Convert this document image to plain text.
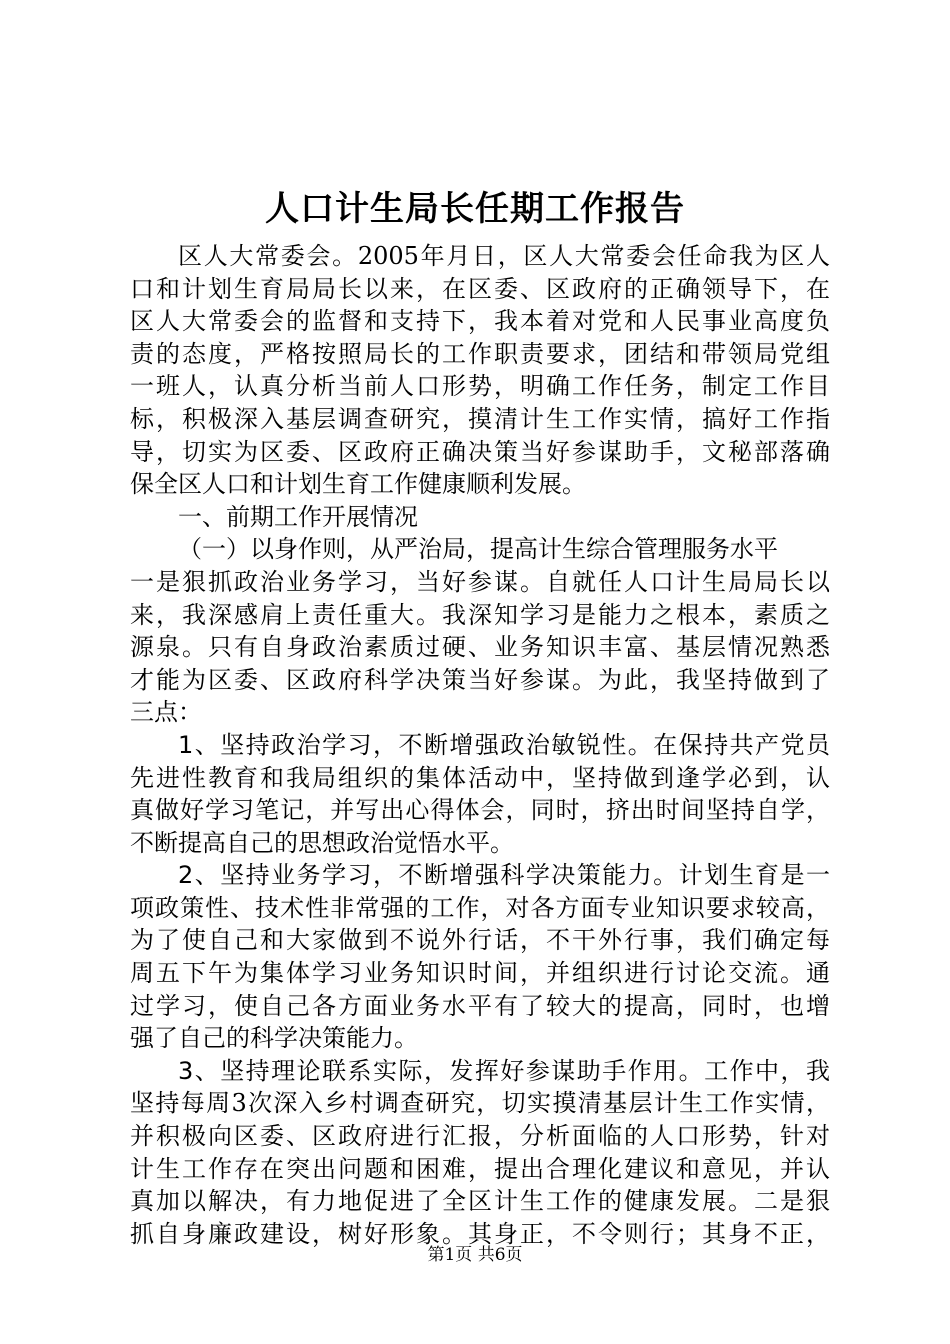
人口计生局长任期工作报告
区人大常委会。2005年月日，区人大常委会任命我为区人
口和计划生育局局长以来，在区委、区政府的正确领导下，在
区人大常委会的监督和支持下，我本着对党和人民事业高度负
责的态度，严格按照局长的工作职责要求，团结和带领局党组
一班人，认真分析当前人口形势，明确工作任务，制定工作目
标，积极深入基层调查研究，摸清计生工作实情，搞好工作指
导，切实为区委、区政府正确决策当好参谋助手，文秘部落确
保全区人口和计划生育工作健康顺利发展。
一、前期工作开展情况
（一）以身作则，从严治局，提高计生综合管理服务水平
一是狠抓政治业务学习，当好参谋。自就任人口计生局局长以
来，我深感肩上责任重大。我深知学习是能力之根本，素质之
源泉。只有自身政治素质过硬、业务知识丰富、基层情况熟悉
才能为区委、区政府科学决策当好参谋。为此，我坚持做到了
三点：
1、坚持政治学习，不断增强政治敏锐性。在保持共产党员
先进性教育和我局组织的集体活动中，坚持做到逢学必到，认
真做好学习笔记，并写出心得体会，同时，挤出时间坚持自学，
不断提高自己的思想政治觉悟水平。
2、坚持业务学习，不断增强科学决策能力。计划生育是一
项政策性、技术性非常强的工作，对各方面专业知识要求较高，
为了使自己和大家做到不说外行话，不干外行事，我们确定每
周五下午为集体学习业务知识时间，并组织进行讨论交流。通
过学习，使自己各方面业务水平有了较大的提高，同时，也增
强了自己的科学决策能力。
3、坚持理论联系实际，发挥好参谋助手作用。工作中，我
坚持每周3次深入乡村调查研究，切实摸清基层计生工作实情，
并积极向区委、区政府进行汇报，分析面临的人口形势，针对
计生工作存在突出问题和困难，提出合理化建议和意见，并认
真加以解决，有力地促进了全区计生工作的健康发展。二是狠
抓自身廉政建设，树好形象。其身正，不令则行；其身不正，
第1页 共6页
